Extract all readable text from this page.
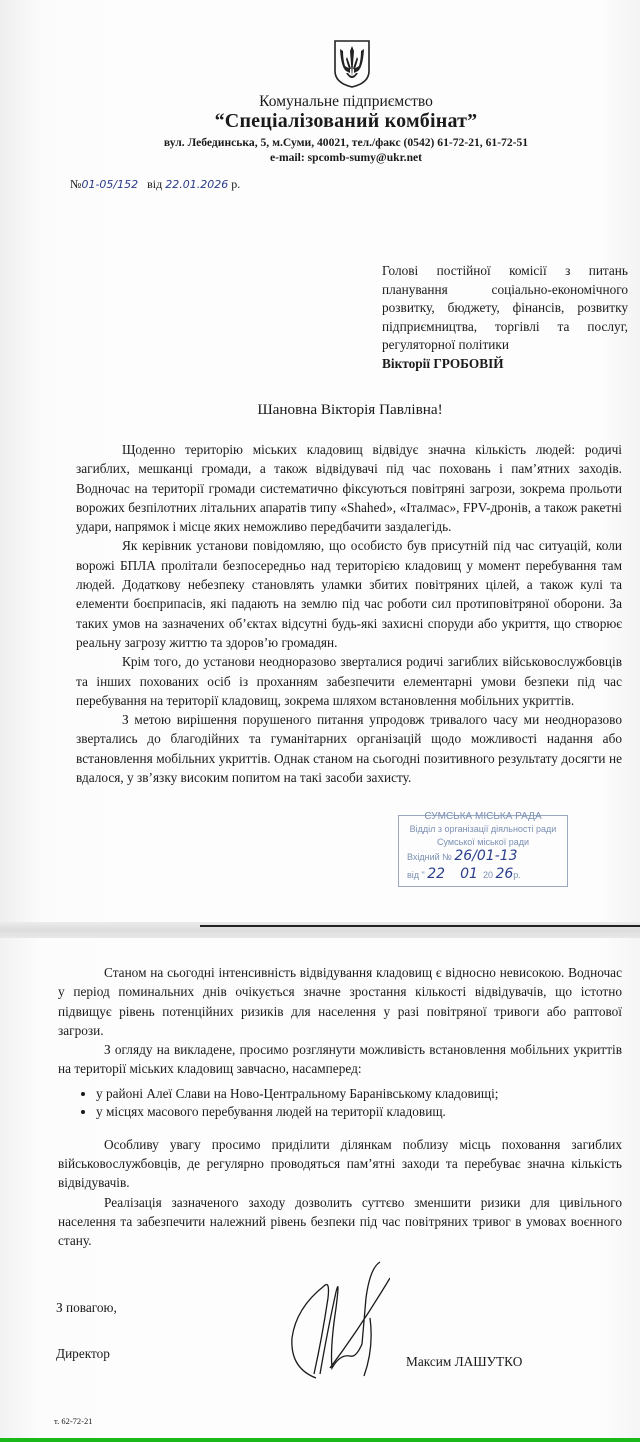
Комунальне підприємство
“Спеціалізований комбінат”
вул. Лебединська, 5, м.Суми, 40021, тел./факс (0542) 61-72-21, 61-72-51
e-mail: spcomb-sumy@ukr.net
№01-05/152 від 22.01.2026 р.
Голові постійної комісії з питань планування соціально-економічного розвитку, бюджету, фінансів, розвитку підприємництва, торгівлі та послуг, регуляторної політики
Вікторії ГРОБОВІЙ
Шановна Вікторія Павлівна!

Щоденно територію міських кладовищ відвідує значна кількість людей: родичі загиблих, мешканці громади, а також відвідувачі під час поховань і пам’ятних заходів. Водночас на території громади систематично фіксуються повітряні загрози, зокрема прольоти ворожих безпілотних літальних апаратів типу «Shahed», «Італмас», FPV-дронів, а також ракетні удари, напрямок і місце яких неможливо передбачити заздалегідь.

Як керівник установи повідомляю, що особисто був присутній під час ситуацій, коли ворожі БПЛА пролітали безпосередньо над територією кладовищ у момент перебування там людей. Додаткову небезпеку становлять уламки збитих повітряних цілей, а також кулі та елементи боєприпасів, які падають на землю під час роботи сил протиповітряної оборони. За таких умов на зазначених об’єктах відсутні будь-які захисні споруди або укриття, що створює реальну загрозу життю та здоров’ю громадян.

Крім того, до установи неодноразово зверталися родичі загиблих військовослужбовців та інших похованих осіб із проханням забезпечити елементарні умови безпеки під час перебування на території кладовищ, зокрема шляхом встановлення мобільних укриттів.

З метою вирішення порушеного питання упродовж тривалого часу ми неодноразово звертались до благодійних та гуманітарних організацій щодо можливості надання або встановлення мобільних укриттів. Однак станом на сьогодні позитивного результату досягти не вдалося, у зв’язку високим попитом на такі засоби захисту.

СУМСЬКА МІСЬКА РАДА
Відділ з організації діяльності ради
Сумської міської ради
Вхідний № 26/01-13
від " 22 01 20 26р.

Станом на сьогодні інтенсивність відвідування кладовищ є відносно невисокою. Водночас у період поминальних днів очікується значне зростання кількості відвідувачів, що істотно підвищує рівень потенційних ризиків для населення у разі повітряної тривоги або раптової загрози.

З огляду на викладене, просимо розглянути можливість встановлення мобільних укриттів на території міських кладовищ завчасно, насамперед:

• у районі Алеї Слави на Ново-Центральному Баранівському кладовищі;
• у місцях масового перебування людей на території кладовищ.

Особливу увагу просимо приділити ділянкам поблизу місць поховання загиблих військовослужбовців, де регулярно проводяться пам’ятні заходи та перебуває значна кількість відвідувачів.

Реалізація зазначеного заходу дозволить суттєво зменшити ризики для цивільного населення та забезпечити належний рівень безпеки під час повітряних тривог в умовах воєнного стану.

З повагою,
Директор
Максим ЛАШУТКО
т. 62-72-21
